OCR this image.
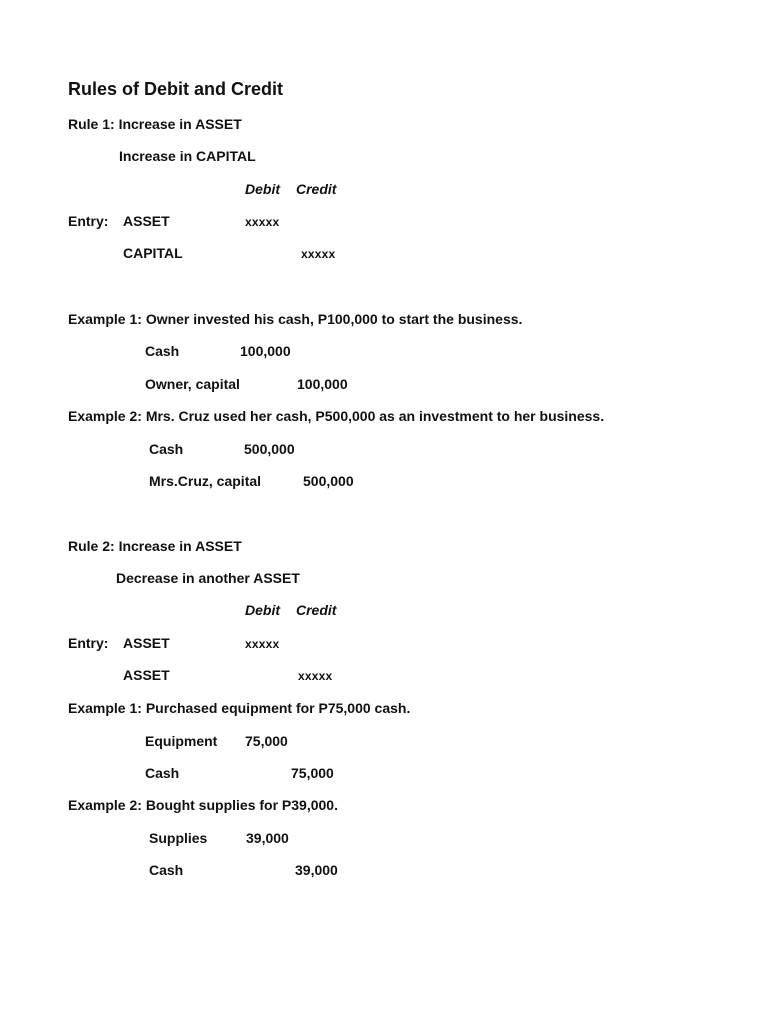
Rules of Debit and Credit
Rule 1: Increase in ASSET
Increase in CAPITAL
Debit Credit
Entry: ASSET	xxxxx
CAPITAL	xxxxx
Example 1: Owner invested his cash, P100,000 to start the business.
Cash	100,000
Owner, capital	100,000
Example 2: Mrs. Cruz used her cash, P500,000 as an investment to her business.
Cash	500,000
Mrs.Cruz, capital	500,000
Rule 2: Increase in ASSET
Decrease in another ASSET
Debit Credit
Entry: ASSET	xxxxx
ASSET	xxxxx
Example 1: Purchased equipment for P75,000 cash.
Equipment 75,000
Cash	75,000
Example 2: Bought supplies for P39,000.
Supplies	39,000
Cash	39,000
